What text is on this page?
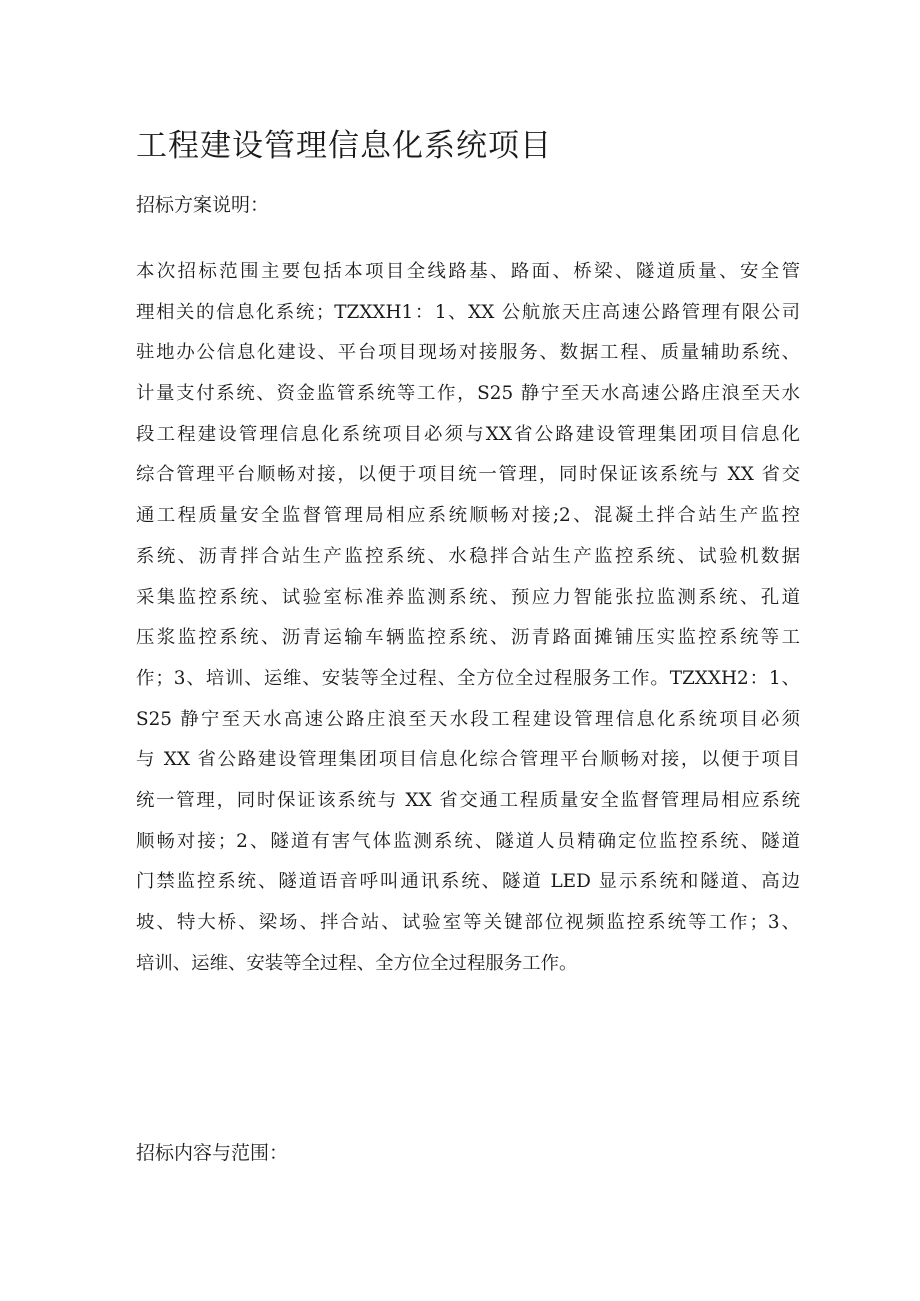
工程建设管理信息化系统项目

招标方案说明：

本次招标范围主要包括本项目全线路基、路面、桥梁、隧道质量、安全管
理相关的信息化系统；TZXXH1：1、XX 公航旅天庄高速公路管理有限公司
驻地办公信息化建设、平台项目现场对接服务、数据工程、质量辅助系统、
计量支付系统、资金监管系统等工作，S25 静宁至天水高速公路庄浪至天水
段工程建设管理信息化系统项目必须与XX省公路建设管理集团项目信息化
综合管理平台顺畅对接，以便于项目统一管理，同时保证该系统与 XX 省交
通工程质量安全监督管理局相应系统顺畅对接;2、混凝土拌合站生产监控
系统、沥青拌合站生产监控系统、水稳拌合站生产监控系统、试验机数据
采集监控系统、试验室标准养监测系统、预应力智能张拉监测系统、孔道
压浆监控系统、沥青运输车辆监控系统、沥青路面摊铺压实监控系统等工
作；3、培训、运维、安装等全过程、全方位全过程服务工作。TZXXH2：1、
S25 静宁至天水高速公路庄浪至天水段工程建设管理信息化系统项目必须
与 XX 省公路建设管理集团项目信息化综合管理平台顺畅对接，以便于项目
统一管理，同时保证该系统与 XX 省交通工程质量安全监督管理局相应系统
顺畅对接；2、隧道有害气体监测系统、隧道人员精确定位监控系统、隧道
门禁监控系统、隧道语音呼叫通讯系统、隧道 LED 显示系统和隧道、高边
坡、特大桥、梁场、拌合站、试验室等关键部位视频监控系统等工作；3、
培训、运维、安装等全过程、全方位全过程服务工作。

招标内容与范围：
